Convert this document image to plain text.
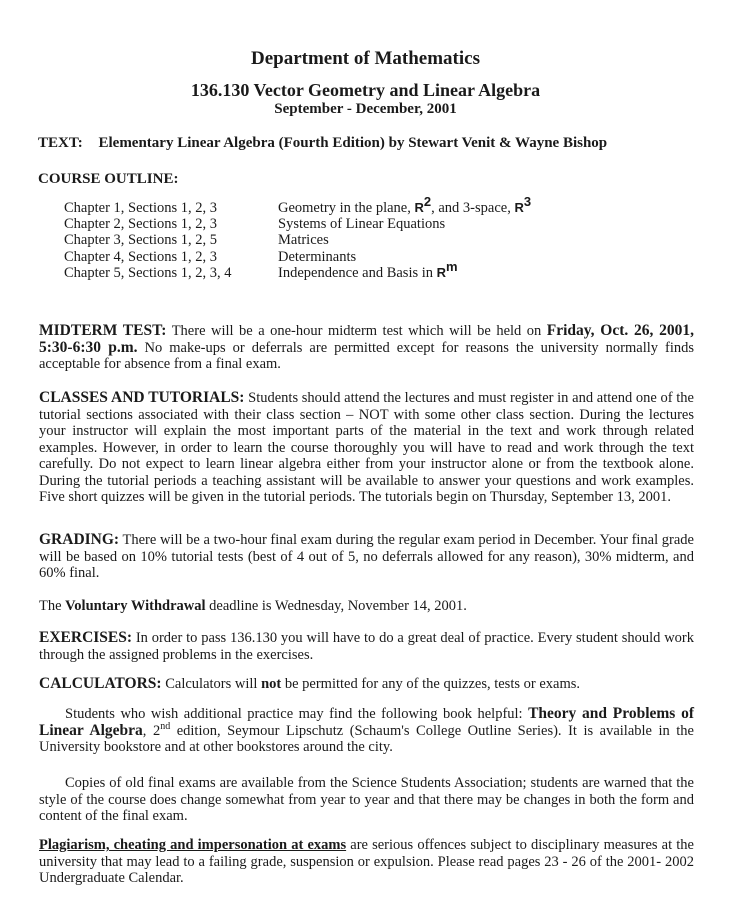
Department of Mathematics
136.130 Vector Geometry and Linear Algebra
September - December, 2001
TEXT: Elementary Linear Algebra (Fourth Edition) by Stewart Venit & Wayne Bishop
COURSE OUTLINE:
Chapter 1, Sections 1, 2, 3	Geometry in the plane, $R^2$, and 3-space, $R^3$
Chapter 2, Sections 1, 2, 3	Systems of Linear Equations
Chapter 3, Sections 1, 2, 5	Matrices
Chapter 4, Sections 1, 2, 3	Determinants
Chapter 5, Sections 1, 2, 3, 4	Independence and Basis in $R^m$
MIDTERM TEST: There will be a one-hour midterm test which will be held on Friday, Oct. 26, 2001, 5:30-6:30 p.m. No make-ups or deferrals are permitted except for reasons the university normally finds acceptable for absence from a final exam.
CLASSES AND TUTORIALS: Students should attend the lectures and must register in and attend one of the tutorial sections associated with their class section – NOT with some other class section. During the lectures your instructor will explain the most important parts of the material in the text and work through related examples. However, in order to learn the course thoroughly you will have to read and work through the text carefully. Do not expect to learn linear algebra either from your instructor alone or from the textbook alone. During the tutorial periods a teaching assistant will be available to answer your questions and work examples. Five short quizzes will be given in the tutorial periods. The tutorials begin on Thursday, September 13, 2001.
GRADING: There will be a two-hour final exam during the regular exam period in December. Your final grade will be based on 10% tutorial tests (best of 4 out of 5, no deferrals allowed for any reason), 30% midterm, and 60% final.
The Voluntary Withdrawal deadline is Wednesday, November 14, 2001.
EXERCISES: In order to pass 136.130 you will have to do a great deal of practice. Every student should work through the assigned problems in the exercises.
CALCULATORS: Calculators will not be permitted for any of the quizzes, tests or exams.
Students who wish additional practice may find the following book helpful: Theory and Problems of Linear Algebra, 2nd edition, Seymour Lipschutz (Schaum's College Outline Series). It is available in the University bookstore and at other bookstores around the city.
Copies of old final exams are available from the Science Students Association; students are warned that the style of the course does change somewhat from year to year and that there may be changes in both the form and content of the final exam.
Plagiarism, cheating and impersonation at exams are serious offences subject to disciplinary measures at the university that may lead to a failing grade, suspension or expulsion. Please read pages 23 - 26 of the 2001- 2002 Undergraduate Calendar.
